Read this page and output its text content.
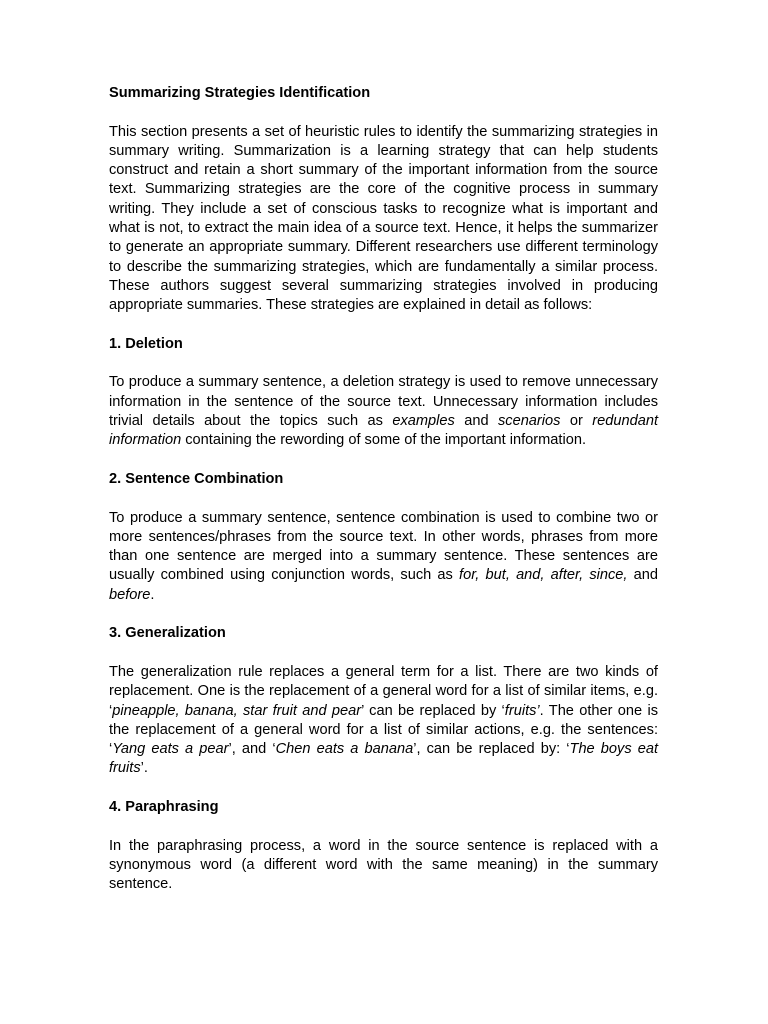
Summarizing Strategies Identification

This section presents a set of heuristic rules to identify the summarizing strategies in summary writing. Summarization is a learning strategy that can help students construct and retain a short summary of the important information from the source text. Summarizing strategies are the core of the cognitive process in summary writing. They include a set of conscious tasks to recognize what is important and what is not, to extract the main idea of a source text. Hence, it helps the summarizer to generate an appropriate summary. Different researchers use different terminology to describe the summarizing strategies, which are fundamentally a similar process. These authors suggest several summarizing strategies involved in producing appropriate summaries. These strategies are explained in detail as follows:

1. Deletion

To produce a summary sentence, a deletion strategy is used to remove unnecessary information in the sentence of the source text. Unnecessary information includes trivial details about the topics such as examples and scenarios or redundant information containing the rewording of some of the important information.

2. Sentence Combination

To produce a summary sentence, sentence combination is used to combine two or more sentences/phrases from the source text. In other words, phrases from more than one sentence are merged into a summary sentence. These sentences are usually combined using conjunction words, such as for, but, and, after, since, and before.

3. Generalization

The generalization rule replaces a general term for a list. There are two kinds of replacement. One is the replacement of a general word for a list of similar items, e.g. ‘pineapple, banana, star fruit and pear’ can be replaced by ‘fruits’. The other one is the replacement of a general word for a list of similar actions, e.g. the sentences: ‘Yang eats a pear’, and ‘Chen eats a banana’, can be replaced by: ‘The boys eat fruits’.

4. Paraphrasing

In the paraphrasing process, a word in the source sentence is replaced with a synonymous word (a different word with the same meaning) in the summary sentence.
